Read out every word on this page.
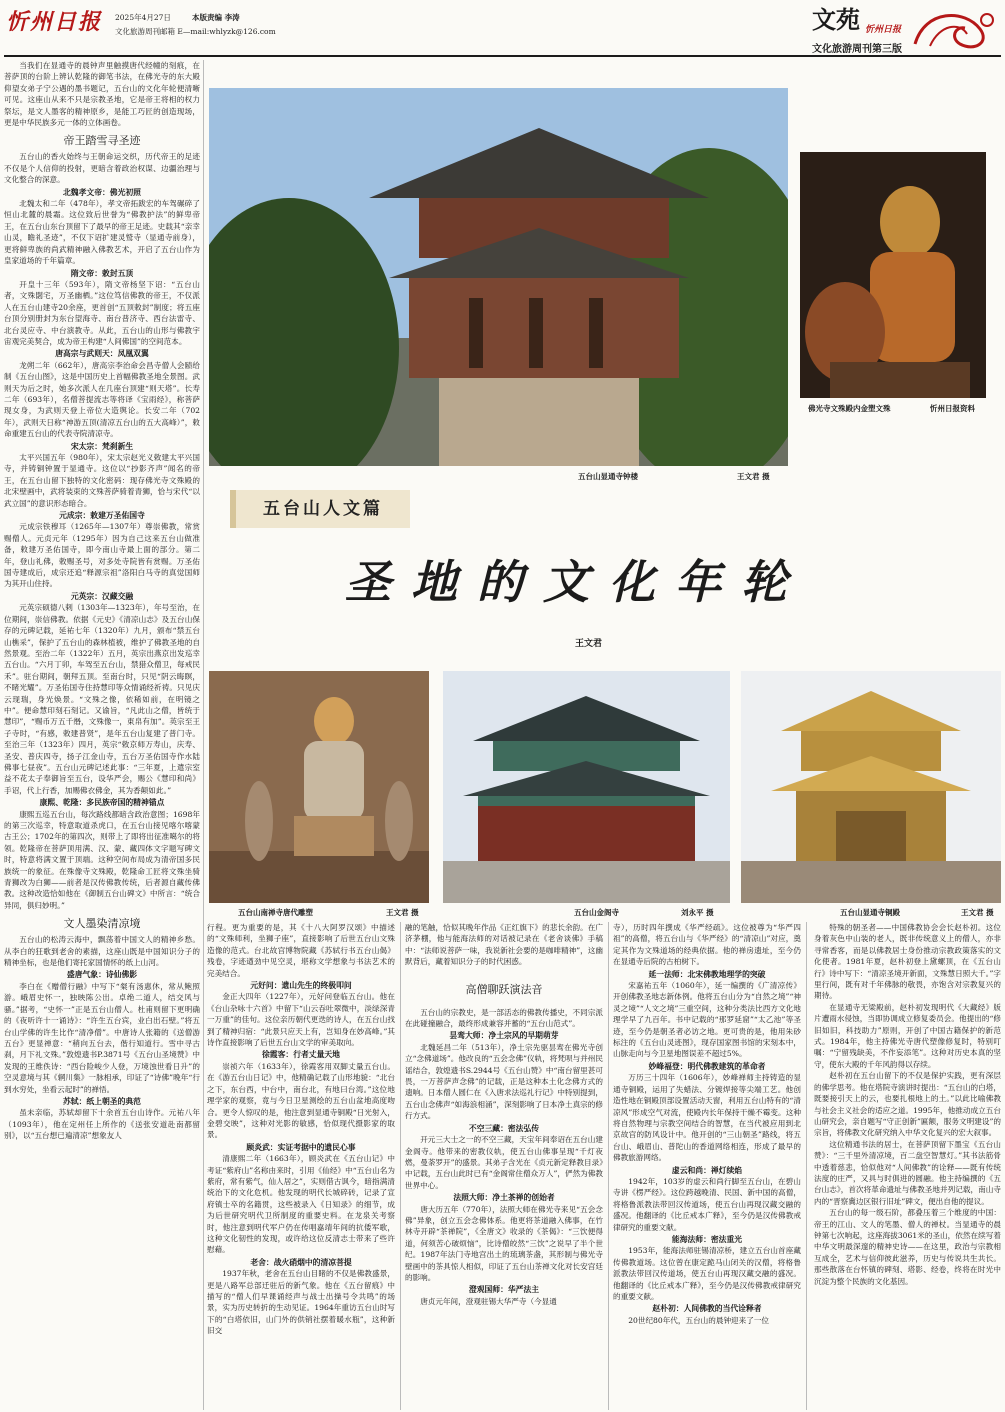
忻州日报	2025年4月27日	本版责编 李涛
文化旅游周刊邮箱 E—mail:whlyzk@126.com	文苑 忻州日报
文化旅游周刊第三版
五台山显通寺钟楼	王文君 摄
佛光寺文殊殿内金塑文殊	忻州日报资料
五台山南禅寺唐代雕塑	王文君 摄	五台山金阁寺	刘永平 摄	五台山显通寺铜殿	王文君 摄
五台山人文篇
圣地的文化年轮
王文君

当我们在显通寺的晨钟声里触摸唐代经幢的刻痕，在菩萨顶的台阶上辨认乾隆的御笔书法，在佛光寺的东大殿仰望女弟子宁公遇的墨书题记，五台山的文化年轮便清晰可见。这座山从来不只是宗教圣地，它是帝王将相的权力祭坛，是文人墨客的精神原乡，是能工巧匠的创造现场，更是中华民族多元一体的立体画卷。

帝王踏雪寻圣迹

五台山的香火始终与王朝命运交织，历代帝王的足迹不仅是个人信仰的投射，更暗含着政治权谋、边疆治理与文化整合的深意。

北魏孝文帝：佛光初照

北魏太和二年（478年），孝文帝拓跋宏的车驾碾碎了恒山北麓的晨霜。这位致后世誉为“佛教护法”的鲜卑帝王，在五台山东台顶留下了最早的帝王足迹。史载其“亲幸山灵，瞻礼圣迹”，不仅下诏扩建灵鹫寺（显通寺前身），更将鲜卑族的尚武精神融入佛教艺术，开启了五台山作为皇家道场的千年篇章。

隋文帝：敕封五顶

开皇十三年（593年），隋文帝杨坚下诏：“五台山者，文殊閟宅，万圣幽栖。”这位笃信佛教的帝王，不仅派人在五台山建寺20余座，更首创“五顶敕封”制度；将五座台顶分别册封为东台望海寺、南台普济寺、西台法雷寺、北台灵应寺、中台演教寺。从此，五台山的山形与佛教宇宙观完美契合，成为帝王构建“人间佛国”的空间范本。

唐高宗与武则天：凤凰双翼

龙朔二年（662年），唐高宗李治命会昌寺僧人会赜给制《五台山图》，这是中国历史上首幅佛教圣地全景图。武则天为后之时，她多次派人在几座台顶建“则天塔”。长寿二年（693年），名僧菩提流志等将译《宝雨经》，称菩萨现女身，为武则天登上帝位大造舆论。长安二年（702年），武则天日称“神游五顶(清凉五台山的五大高峰）”，敕命重建五台山的代表寺院清凉寺。

宋太宗：梵刹新生

太平兴国五年（980年），宋太宗赵光义敕建太平兴国寺，并铸铜钟置于显通寺。这位以“抄影齐声”闻名的帝王，在五台山留下独特的文化密码：现存佛光寺文殊殿的北宋壁画中，武将装束的文殊菩萨骑着青狮，恰与宋代“以武立国”的意识形态暗合。

元成宗：敕建万圣佑国寺

元成宗铁穆耳（1265年—1307年）尊崇佛教，常赏赐僧人。元贞元年（1295年）因为自己这来五台山做准备，敕建万圣佑国寺，即今南山寺最上面的部分。第二年，登山礼佛，敕赐圣号，对多处寺院皆有赏赐。万圣佑国寺建成后，成宗还追“释源宗祖”洛阳白马寺的真觉国师为其开山住持。

元英宗：汉藏交融

元英宗硕德八剌（1303年—1323年），年号至治，在位期间，崇信佛教。依据《元史》《清凉山志》及五台山保存的元碑记载，延祐七年（1320年）九月，颁布“禁五台山樵采”，保护了五台山的森林植被，维护了佛教圣地的自然景观。至治二年（1322年）五月，英宗出燕京出发巡幸五台山。“六月丁卯，车驾至五台山，禁猎众僧卫，每戒民禾”。驻台期间，朝拜五顶。至南台时，只见“阴云晦瞑，不睹光耀”。万圣佑国寺住持慧印等众情诵经祈祷。只见庆云现瑞，身光焕景。“文殊之像，依稀如前，在明镜之中”。便命慧印刻石刻记。又谕旨，“凡此山之僧，皆统于慧印”，“赐币万五千缗，文殊像一，東帛有加”。英宗至王子寺时，“有感，敕建普贤”，是年五台山复建了普门寺。至治三年（1323年）四月，英宗“敕京师万寿山，庆寿、圣安、普庆四寺，扬子江金山寺，五台万圣佑国寺作水陆佛事七昼夜”。五台山元碑记述此事：“三年夏，上遣宗室益不花太子奉御旨至五台，设华严会，赐公《慧印和尚》手诏，代上行香，加赐佛衣佛金，其为香颠如此。”

康熙、乾隆：多民族帝国的精神锚点

康熙五巡五台山，每次路线都暗含政治意图；1698年的第三次巡幸，特意取道杀虎口，在五台山接见喀尔喀蒙古王公；1702年的第四次，则带上了即将出征准噶尔的将领。乾隆帝在菩萨顶用满、汉、蒙、藏四体文字题写碑文时，特意将满文置于顶端。这种空间布局成为清帝国多民族统一的象征。在殊像寺文殊殿，乾隆命工匠将文殊坐骑青狮改为白狮——前者是汉传佛教传统，后者源自藏传佛教。这种改造恰如他在《御制五台山碑文》中所言：“统合异同，俱归妙明。”

文人墨染清凉境

五台山的松涛云海中，飘荡着中国文人的精神乡愁。从李白的狂歌到老舍的素描，这座山既是中国知识分子的精神坐标，也是他们寄托家国情怀的纸上山河。

盛唐气象：诗仙佛影

李白在《赠僧行融》中写下“粲有汤惠休，常从鲍照游。峨眉史怀一，独映陈公出。卓绝二道人，结交风与骚。”据考，“史怀一”正是五台山僧人。杜甫则留下更明确的《夜听许十一诵诗》：“许生五台宾，业白出石壁。”将五台山学佛的许生比作“清净僧”。中唐诗人张籍的《送僧游五台》更显禅意：“稍向五台去，偕行知道行。雪中寻古刹，月下礼文殊。”敦煌遗书P.3871号《五台山圣境赞》中发现的王维佚诗：“西台险峻少人登，万境浊世看日升”的空灵意境与其《辋川集》一脉相承，印证了“诗佛”晚年“行到水穷处，坐看云起时”的禅悟。

苏轼：纸上朝圣的典范

虽未亲临，苏轼却留下十余首五台山诗作。元祐八年（1093年），他在定州任上所作的《送张安道赴南都留别》，以“五台想已遍清凉”想象友人

行程。更为重要的是，其《十八大阿罗汉颂》中描述的“文殊师利，坐狮子座”，直接影响了后世五台山文殊造像的范式。台北故宫博物院藏《苏轼行书五台山偈》残卷，字迹遒劲中见空灵，堪称文学想象与书法艺术的完美结合。

元好问：遗山先生的终极叩问

金正大四年（1227年），元好问登临五台山。他在《台山杂咏十六首》中留下“山云吞吐翠微中，淡绿深青一万重”的佳句。这位亲历朝代更迭的诗人，在五台山找到了精神归宿：“此景只应天上有，岂知身在妙高峰。”其诗作直接影响了后世五台山文学的审美取向。

徐霞客：行者丈量天地

崇祯六年（1633年），徐霞客用双脚丈量五台山。在《游五台山日记》中，他精确记载了山形地貌：“北台之下，东台西，中台中，南台北，有地曰台湾。”这位地理学家的观察，竟与今日卫星测绘的五台山盆地高度吻合。更令人惊叹的是，他注意到显通寺铜殿“日光射入，金碧交映”，这种对光影的敏感，恰似现代摄影家的取景。

顾炎武：实证考据中的遗民心事

清康熙二年（1663年），顾炎武在《五台山记》中考证“紫府山”名称由来时，引用《仙经》中“五台山名为紫府，常有紫气，仙人居之”，实则借古讽今，暗指满清统治下的文化危机。他发现的明代长城碎砖，记录了宣府镇士卒的名籍贯，这些被录入《日知录》的细节，成为后世研究明代卫所制度的重要史料。在龙泉关考察时，他注意到明代军户仍在传唱嘉靖年间的抗倭军歌，这种文化韧性的发现，或许给这位反清志士带来了些许慰藉。

老舍：战火硝烟中的清凉菩提

1937年秋，老舍在五台山目睹的不仅是佛教盛景，更是八路军总部迁驻后的新气象。他在《五台留痕》中描写的“僧人们早课诵经声与战士出操号令共鸣”的场景，实为历史转折的生动见证。1964年重访五台山时写下的“白塔依旧，山门外的供销社摆着暖水瓶”，这种新旧交

融的笔触，恰似其晚年作品《正红旗下》的悲长余韵。在广济茅棚，他与能海法师的对话被记录在《老舍谈佛》手稿中：“法师说菩萨一味，我说新社会要的是咖啡精神”，这幽默背后，藏着知识分子的时代困惑。

高僧聊跃演法音

五台山的宗教史，是一部活态的佛教传播史，不同宗派在此碰撞融合，最终形成兼容并蓄的“五台山范式”。

昙鸾大师：净土宗风的早期萌芽

北魏延昌二年（513年），净土宗先驱昙鸾在佛光寺创立“念佛道场”。他改良的“五会念佛”仪轨，将梵呗与并州民谣结合，敦煌遗书S.2944号《五台山赞》中“南台留里甚可畏，一万菩萨声念佛”的记载，正是这种本土化念佛方式的遗响。日本僧人圆仁在《入唐求法巡礼行记》中特别提到，五台山念佛声“如海浪相涌”，深刻影响了日本净土真宗的修行方式。

不空三藏：密法弘传

开元三大士之一的不空三藏，天宝年间奉诏在五台山建金阁寺。他带来的密教仪轨，使五台山佛事呈现“千灯夜燃，曼荼罗开”的盛景。其弟子含光在《贞元新定释教目录》中记载，五台山此时已有“金阁常住僧众万人”，俨然为佛教世界中心。

法照大师：净土茶禅的创始者

唐大历五年（770年），法照大师在佛光寺来见“五会念佛”异象，创立五会念佛体系。他更将茶道融入佛事，在竹林寺开辟“茶禅院”，《全唐文》收录的《茶偈》：“三饮便得道，何须苦心破烦恼”，比诗僧皎然“三饮”之说早了半个世纪。1987年法门寺地宫出土的琉璃茶盏，其形制与佛光寺壁画中的茶具惊人相似，印证了五台山茶禅文化对长安宫廷的影响。

澄观国师：华严法主

唐贞元年间，澄观驻锡大华严寺（今显通

寺），历时四年撰成《华严经疏》。这位被尊为“华严四祖”的高僧，将五台山与《华严经》的“清凉山”对应，奠定其作为文殊道场的经典依据。他的禅房遗址，至今仍在显通寺后院的古柏树下。

延一法师：北宋佛教地理学的突破

宋嘉祐五年（1060年），延一编撰的《广清凉传》开创佛教圣地志新体例。他将五台山分为“自然之境”“神灵之境”“人文之境”三重空间，这种分类法比西方文化地理学早了九百年。书中记载的“那罗延窟”“太乙池”等圣迹，至今仍是朝圣者必访之地。更可贵的是，他用朱砂标注的《五台山灵迹图》，现存国家图书馆的宋刻本中，山脉走向与今卫星地图误差不超过5%。

妙峰福登：明代佛教建筑的革命者

万历三十四年（1606年），妙峰禅师主持铸造的显通寺铜殿，运用了失蜡法、分镀焊接等尖端工艺。他创造性地在铜殿顶部设置活动天窗，利用五台山特有的“清凉风”形成空气对流，使殿内长年保持干燥不霉变。这种将自然物理与宗教空间结合的智慧，在当代被应用到北京故宫的防风设计中。他开创的“三山朝圣”路线，将五台山、峨眉山、普陀山的香道网络相连，形成了最早的佛教旅游网络。

虚云和尚：禅灯续焰

1942年，103岁的虚云和尚行脚至五台山，在碧山寺讲《楞严经》。这位跨越晚清、民国、新中国的高僧，将格鲁派教法带回汉传道场，使五台山再现汉藏交融的盛况。他翻译的《比丘戒本广释》，至今仍是汉传佛教戒律研究的重要文献。

能海法师：密法重光

1953年，能海法师驻锡清凉桥，建立五台山首座藏传佛教道场。这位曾在康定跪马山闭关的汉僧，将格鲁派教法带回汉传道场，使五台山再现汉藏交融的盛况。他翻译的《比丘戒本广释》，至今仍是汉传佛教戒律研究的重要文献。

赵朴初：人间佛教的当代诠释者

20世纪80年代，五台山的晨钟迎来了一位

特殊的朝圣者——中国佛教协会会长赵朴初。这位身着灰色中山装的老人，既非传统意义上的僧人，亦非寻常香客，而是以佛教居士身份推动宗教政策落实的文化使者。1981年夏，赵朴初登上黛螺顶，在《五台山行》诗中写下：“清凉圣境开新面，文殊慧日照大千。”字里行间，既有对千年佛脉的敬畏，亦饱含对宗教复兴的期待。

在显通寺无梁殿前，赵朴初发现明代《大藏经》版片遭雨水侵蚀，当即协调成立修复委员会。他提出的“修旧如旧，科技助力”原则，开创了中国古籍保护的新范式。1984年，他主持佛光寺唐代塑像修复时，特别叮嘱：“宁留残缺美，不作妄添笔”。这种对历史本真的坚守，使东大殿的千年风韵得以存续。

赵朴初在五台山留下的不仅是保护实践，更有深层的佛学思考。他在塔院寺演讲时提出：“五台山的白塔，既要接引天上的云，也要扎根地上的土。”以此比喻佛教与社会主义社会的适应之道。1995年，他推动成立五台山研究会，亲自题写“守正创新”匾额，服务文明建设”的宗旨，将佛教文化研究纳入中华文化复兴的宏大叙事。

这位精通书法的居士，在菩萨顶留下墨宝《五台山赞》：“三千里外清凉境，百二盘空智慧灯。”其书法筋骨中透着慈悲，恰似他对“人间佛教”的诠释——既有传统法度的庄严，又具与时俱进的圆融。他主持编撰的《五台山志》，首次将革命遗址与佛教圣地并列记载，南山寺内的“晋察冀边区银行旧址”碑文，便出自他的提议。

五台山的每一级石阶，都叠压着三个维度的中国：帝王的江山、文人的笔墨、僧人的禅杖。当显通寺的晨钟第七次响起，这座海拔3061米的圣山，依然在续写着中华文明最深邃的精神史诗——在这里，政治与宗教相互成全，艺术与信仰彼此滋养，历史与传说共生共长。那些散落在台怀镇的碑刻、塔影、经卷，终将在时光中沉淀为整个民族的文化基因。
